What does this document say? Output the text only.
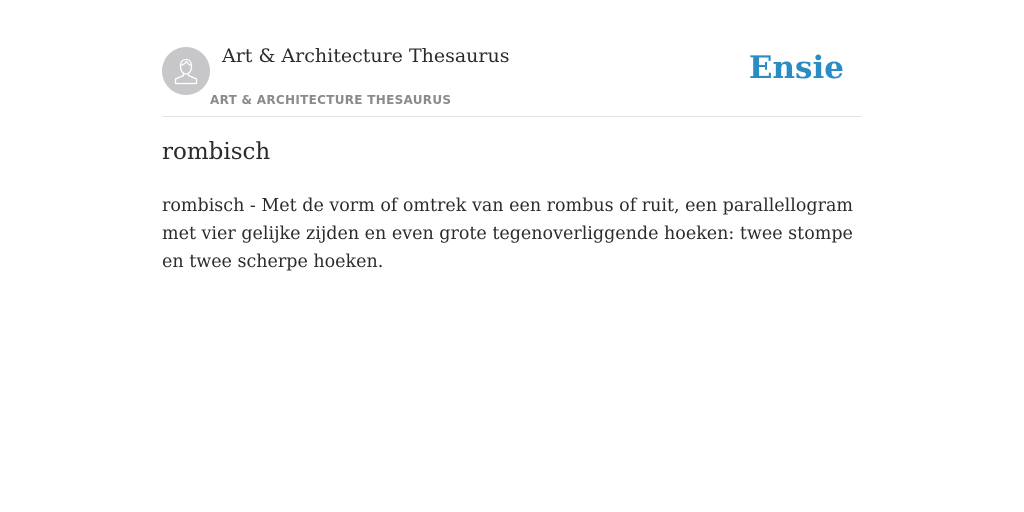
Art & Architecture Thesaurus
ART & ARCHITECTURE THESAURUS
Ensie
rombisch

rombisch - Met de vorm of omtrek van een rombus of ruit, een parallellogram met vier gelijke zijden en even grote tegenoverliggende hoeken: twee stompe en twee scherpe hoeken.
